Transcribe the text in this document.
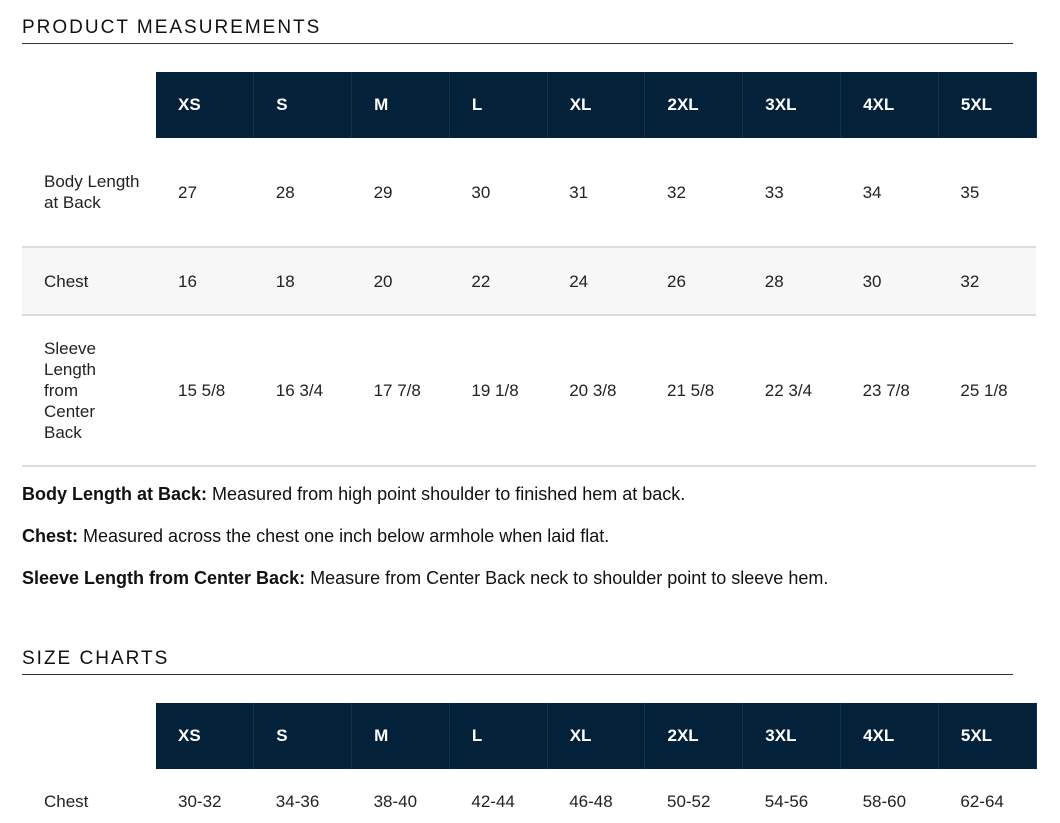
PRODUCT MEASUREMENTS
	XS	S	M	L	XL	2XL	3XL	4XL	5XL
Body Length at Back	27	28	29	30	31	32	33	34	35
Chest	16	18	20	22	24	26	28	30	32
Sleeve Length from Center Back	15 5/8	16 3/4	17 7/8	19 1/8	20 3/8	21 5/8	22 3/4	23 7/8	25 1/8

Body Length at Back: Measured from high point shoulder to finished hem at back.

Chest: Measured across the chest one inch below armhole when laid flat.

Sleeve Length from Center Back: Measure from Center Back neck to shoulder point to sleeve hem.

SIZE CHARTS
	XS	S	M	L	XL	2XL	3XL	4XL	5XL
Chest	30-32	34-36	38-40	42-44	46-48	50-52	54-56	58-60	62-64
